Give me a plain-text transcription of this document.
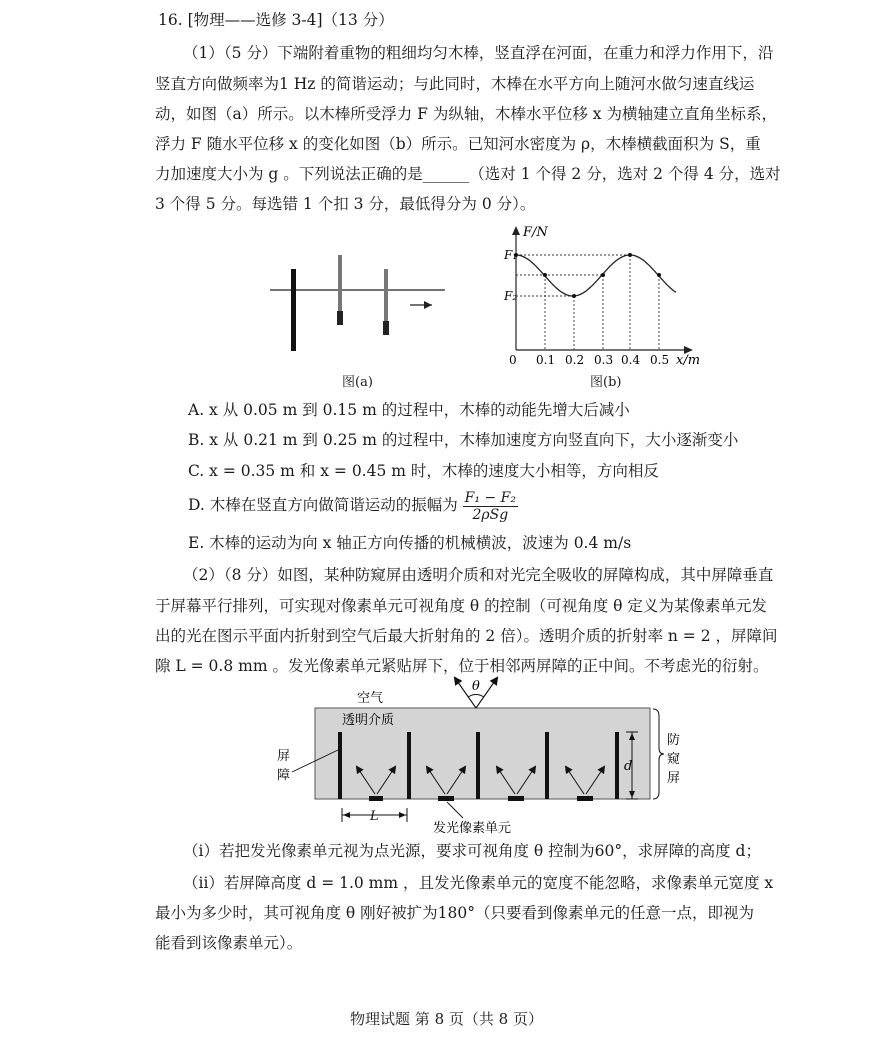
16. [物理——选修 3-4]（13 分）
（1）（5 分）下端附着重物的粗细均匀木棒，竖直浮在河面，在重力和浮力作用下，沿
竖直方向做频率为1 Hz 的简谐运动；与此同时，木棒在水平方向上随河水做匀速直线运
动，如图（a）所示。以木棒所受浮力 F 为纵轴，木棒水平位移 x 为横轴建立直角坐标系，
浮力 F 随水平位移 x 的变化如图（b）所示。已知河水密度为 ρ，木棒横截面积为 S，重
力加速度大小为 g 。下列说法正确的是______（选对 1 个得 2 分，选对 2 个得 4 分，选对
3 个得 5 分。每选错 1 个扣 3 分，最低得分为 0 分）。
图(a)
F/N
F₁
F₂
0 0.1 0.2 0.3 0.4 0.5 x/m
图(b)
A. x 从 0.05 m 到 0.15 m 的过程中，木棒的动能先增大后减小
B. x 从 0.21 m 到 0.25 m 的过程中，木棒加速度方向竖直向下，大小逐渐变小
C. x = 0.35 m 和 x = 0.45 m 时，木棒的速度大小相等，方向相反
D. 木棒在竖直方向做简谐运动的振幅为 $\frac{\text{F₁ − F₂}}{\text{2ρSg}}$
E. 木棒的运动为向 x 轴正方向传播的机械横波，波速为 0.4 m/s
（2）（8 分）如图，某种防窥屏由透明介质和对光完全吸收的屏障构成，其中屏障垂直
于屏幕平行排列，可实现对像素单元可视角度 θ 的控制（可视角度 θ 定义为某像素单元发
出的光在图示平面内折射到空气后最大折射角的 2 倍）。透明介质的折射率 n = 2 ，屏障间
隙 L = 0.8 mm 。发光像素单元紧贴屏下，位于相邻两屏障的正中间。不考虑光的衍射。
θ
空气
透明介质
屏
障
d
防
窥
屏
L
发光像素单元
（i）若把发光像素单元视为点光源，要求可视角度 θ 控制为60°，求屏障的高度 d；
（ii）若屏障高度 d = 1.0 mm ，且发光像素单元的宽度不能忽略，求像素单元宽度 x
最小为多少时，其可视角度 θ 刚好被扩为180°（只要看到像素单元的任意一点，即视为
能看到该像素单元）。
物理试题 第 8 页（共 8 页）
